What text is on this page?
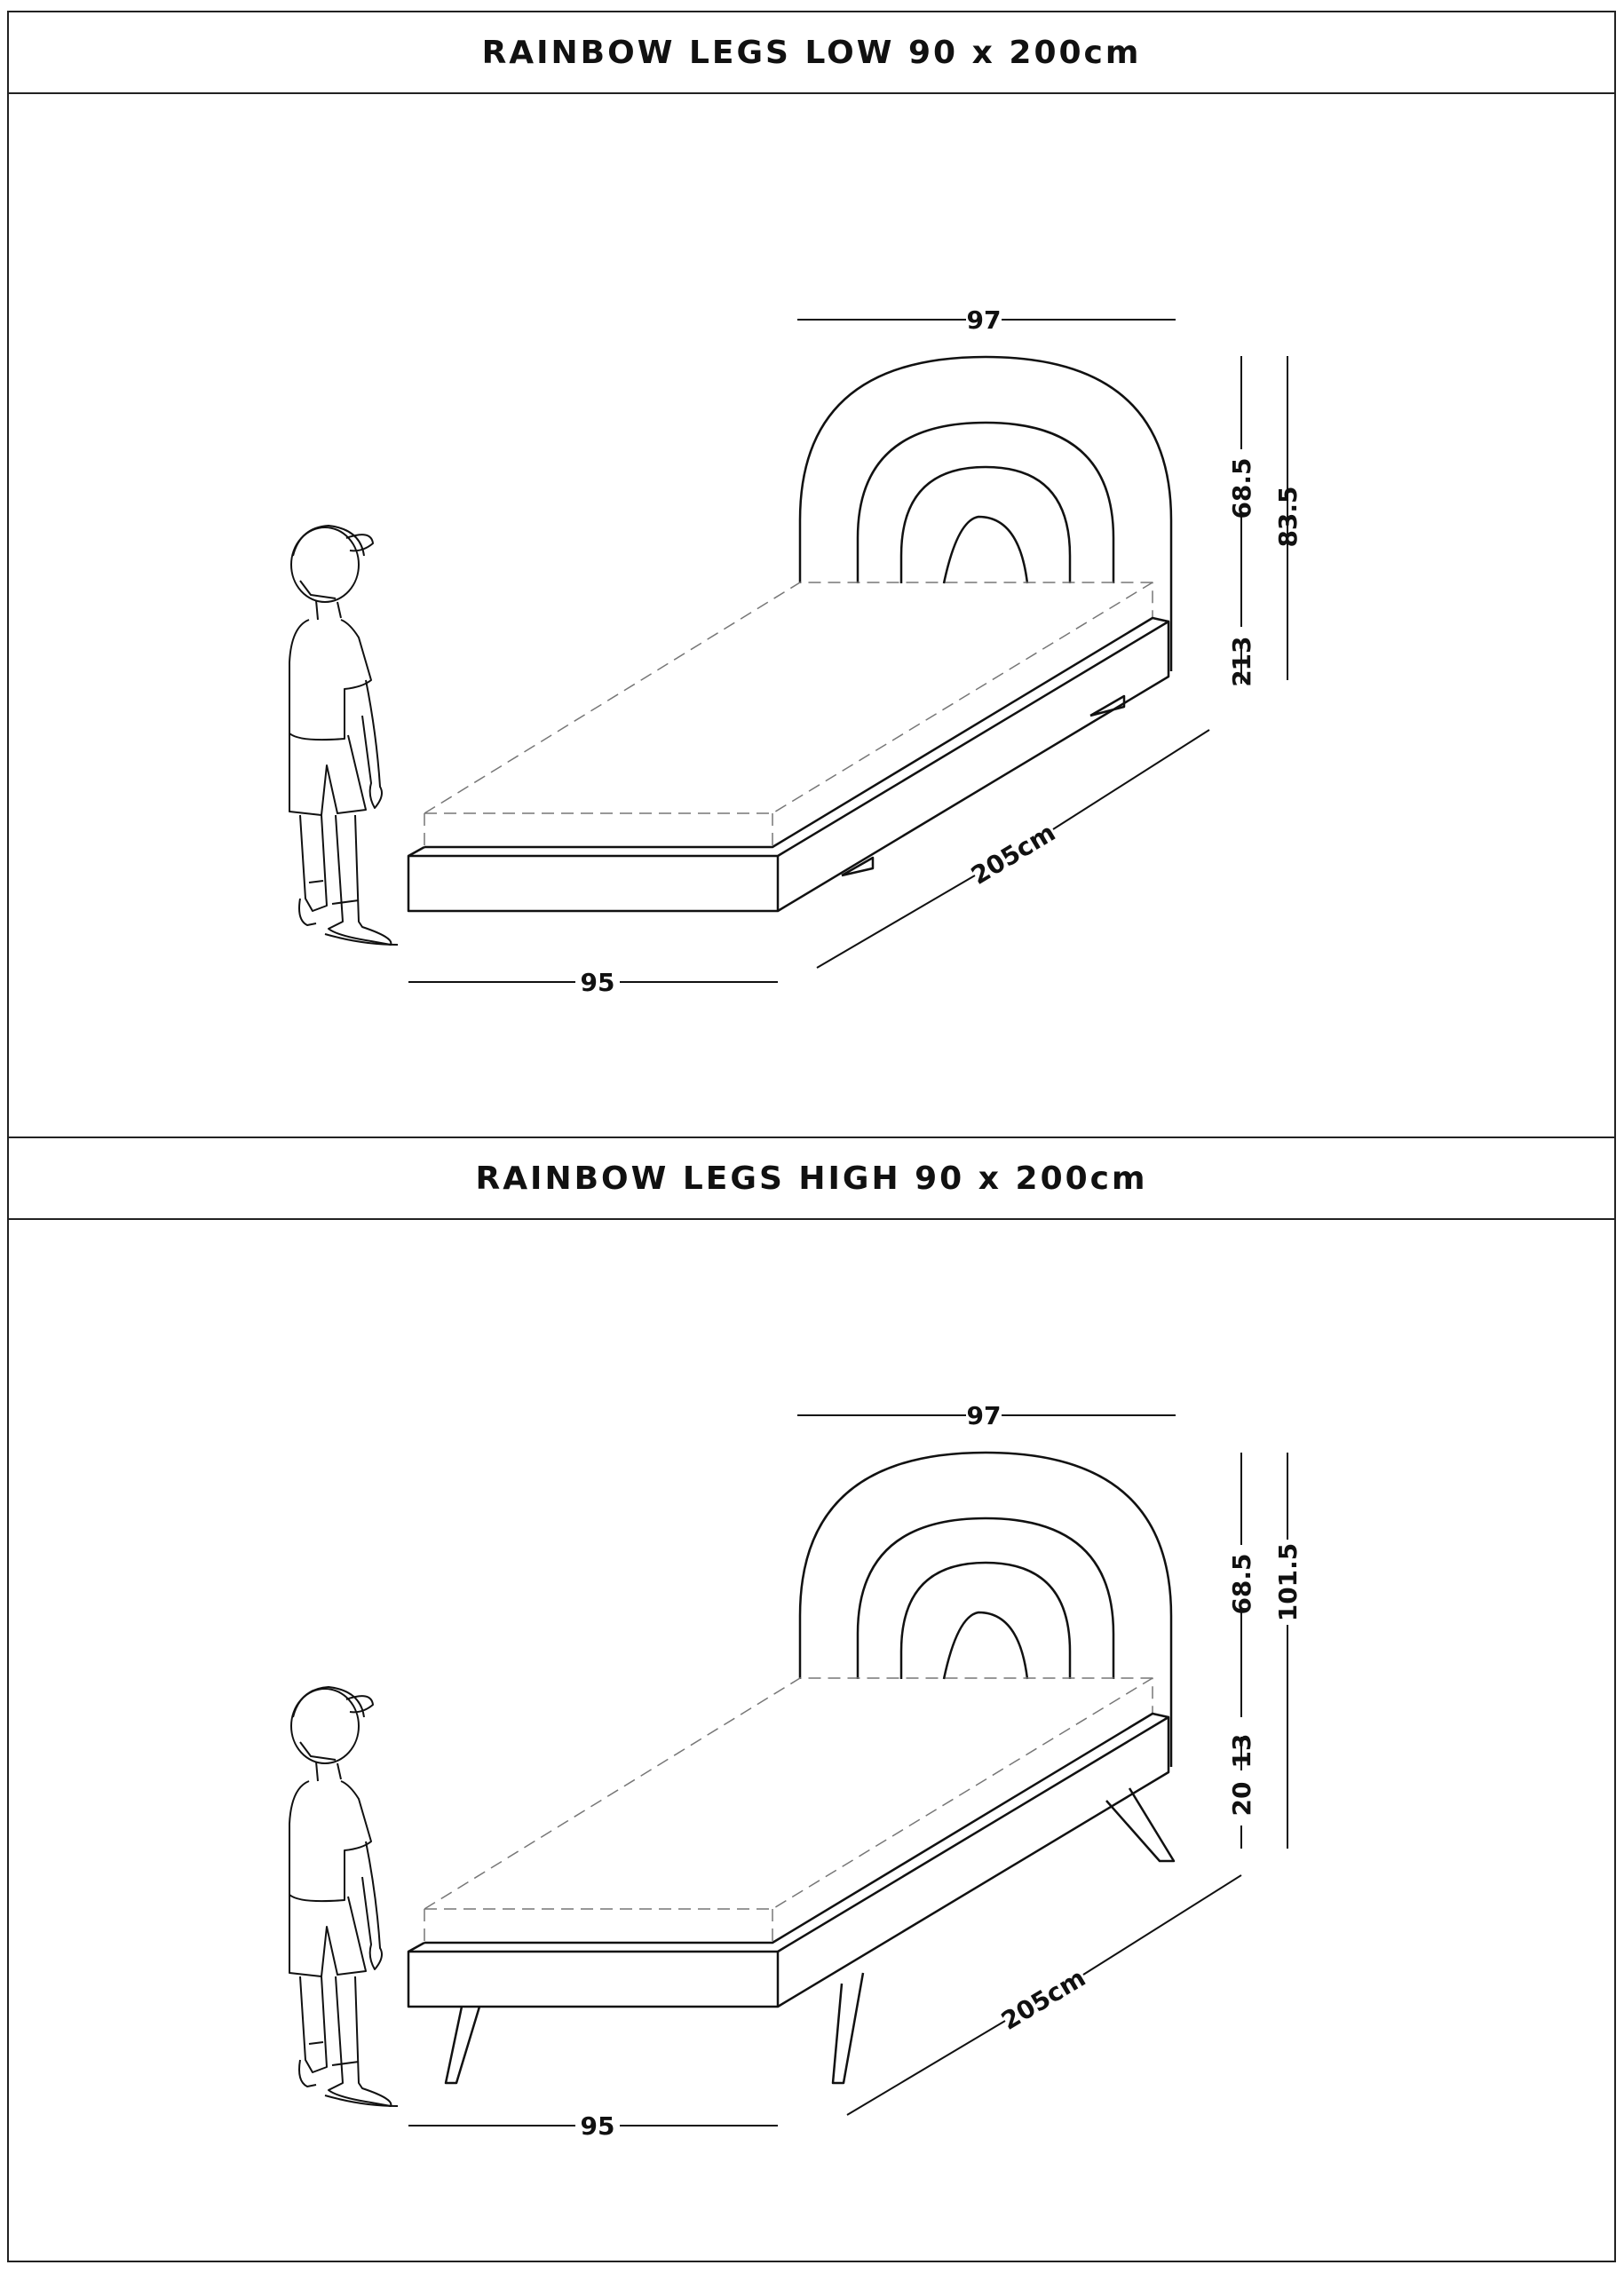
RAINBOW LEGS LOW 90 x 200cm
97
68.5 83.5
2
13
205cm
95
RAINBOW LEGS HIGH 90 x 200cm
97
68.5 101.5
13
20
205cm
95
